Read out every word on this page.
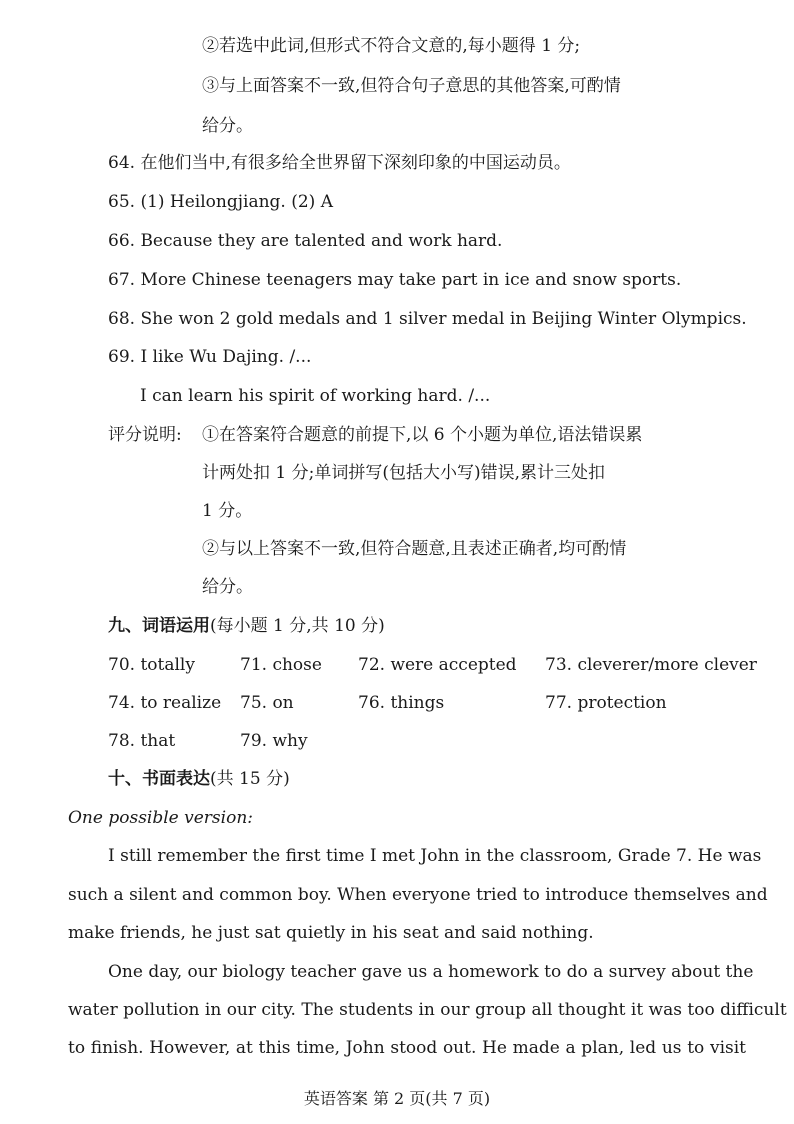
②若选中此词,但形式不符合文意的,每小题得 1 分;
③与上面答案不一致,但符合句子意思的其他答案,可酌情
给分。
64. 在他们当中,有很多给全世界留下深刻印象的中国运动员。
65. (1) Heilongjiang. (2) A
66. Because they are talented and work hard.
67. More Chinese teenagers may take part in ice and snow sports.
68. She won 2 gold medals and 1 silver medal in Beijing Winter Olympics.
69. I like Wu Dajing. /...
I can learn his spirit of working hard. /...
评分说明: ①在答案符合题意的前提下,以 6 个小题为单位,语法错误累
计两处扣 1 分;单词拼写(包括大小写)错误,累计三处扣
1 分。
②与以上答案不一致,但符合题意,且表述正确者,均可酌情
给分。
九、词语运用(每小题 1 分,共 10 分)
70. totally	71. chose 72. were accepted 73. cleverer/more clever
74. to realize 75. on	76. things	77. protection
78. that	79. why
十、书面表达(共 15 分)
One possible version:
I still remember the first time I met John in the classroom, Grade 7. He was
such a silent and common boy. When everyone tried to introduce themselves and
make friends, he just sat quietly in his seat and said nothing.
One day, our biology teacher gave us a homework to do a survey about the
water pollution in our city. The students in our group all thought it was too difficult
to finish. However, at this time, John stood out. He made a plan, led us to visit
英语答案 第 2 页(共 7 页)
